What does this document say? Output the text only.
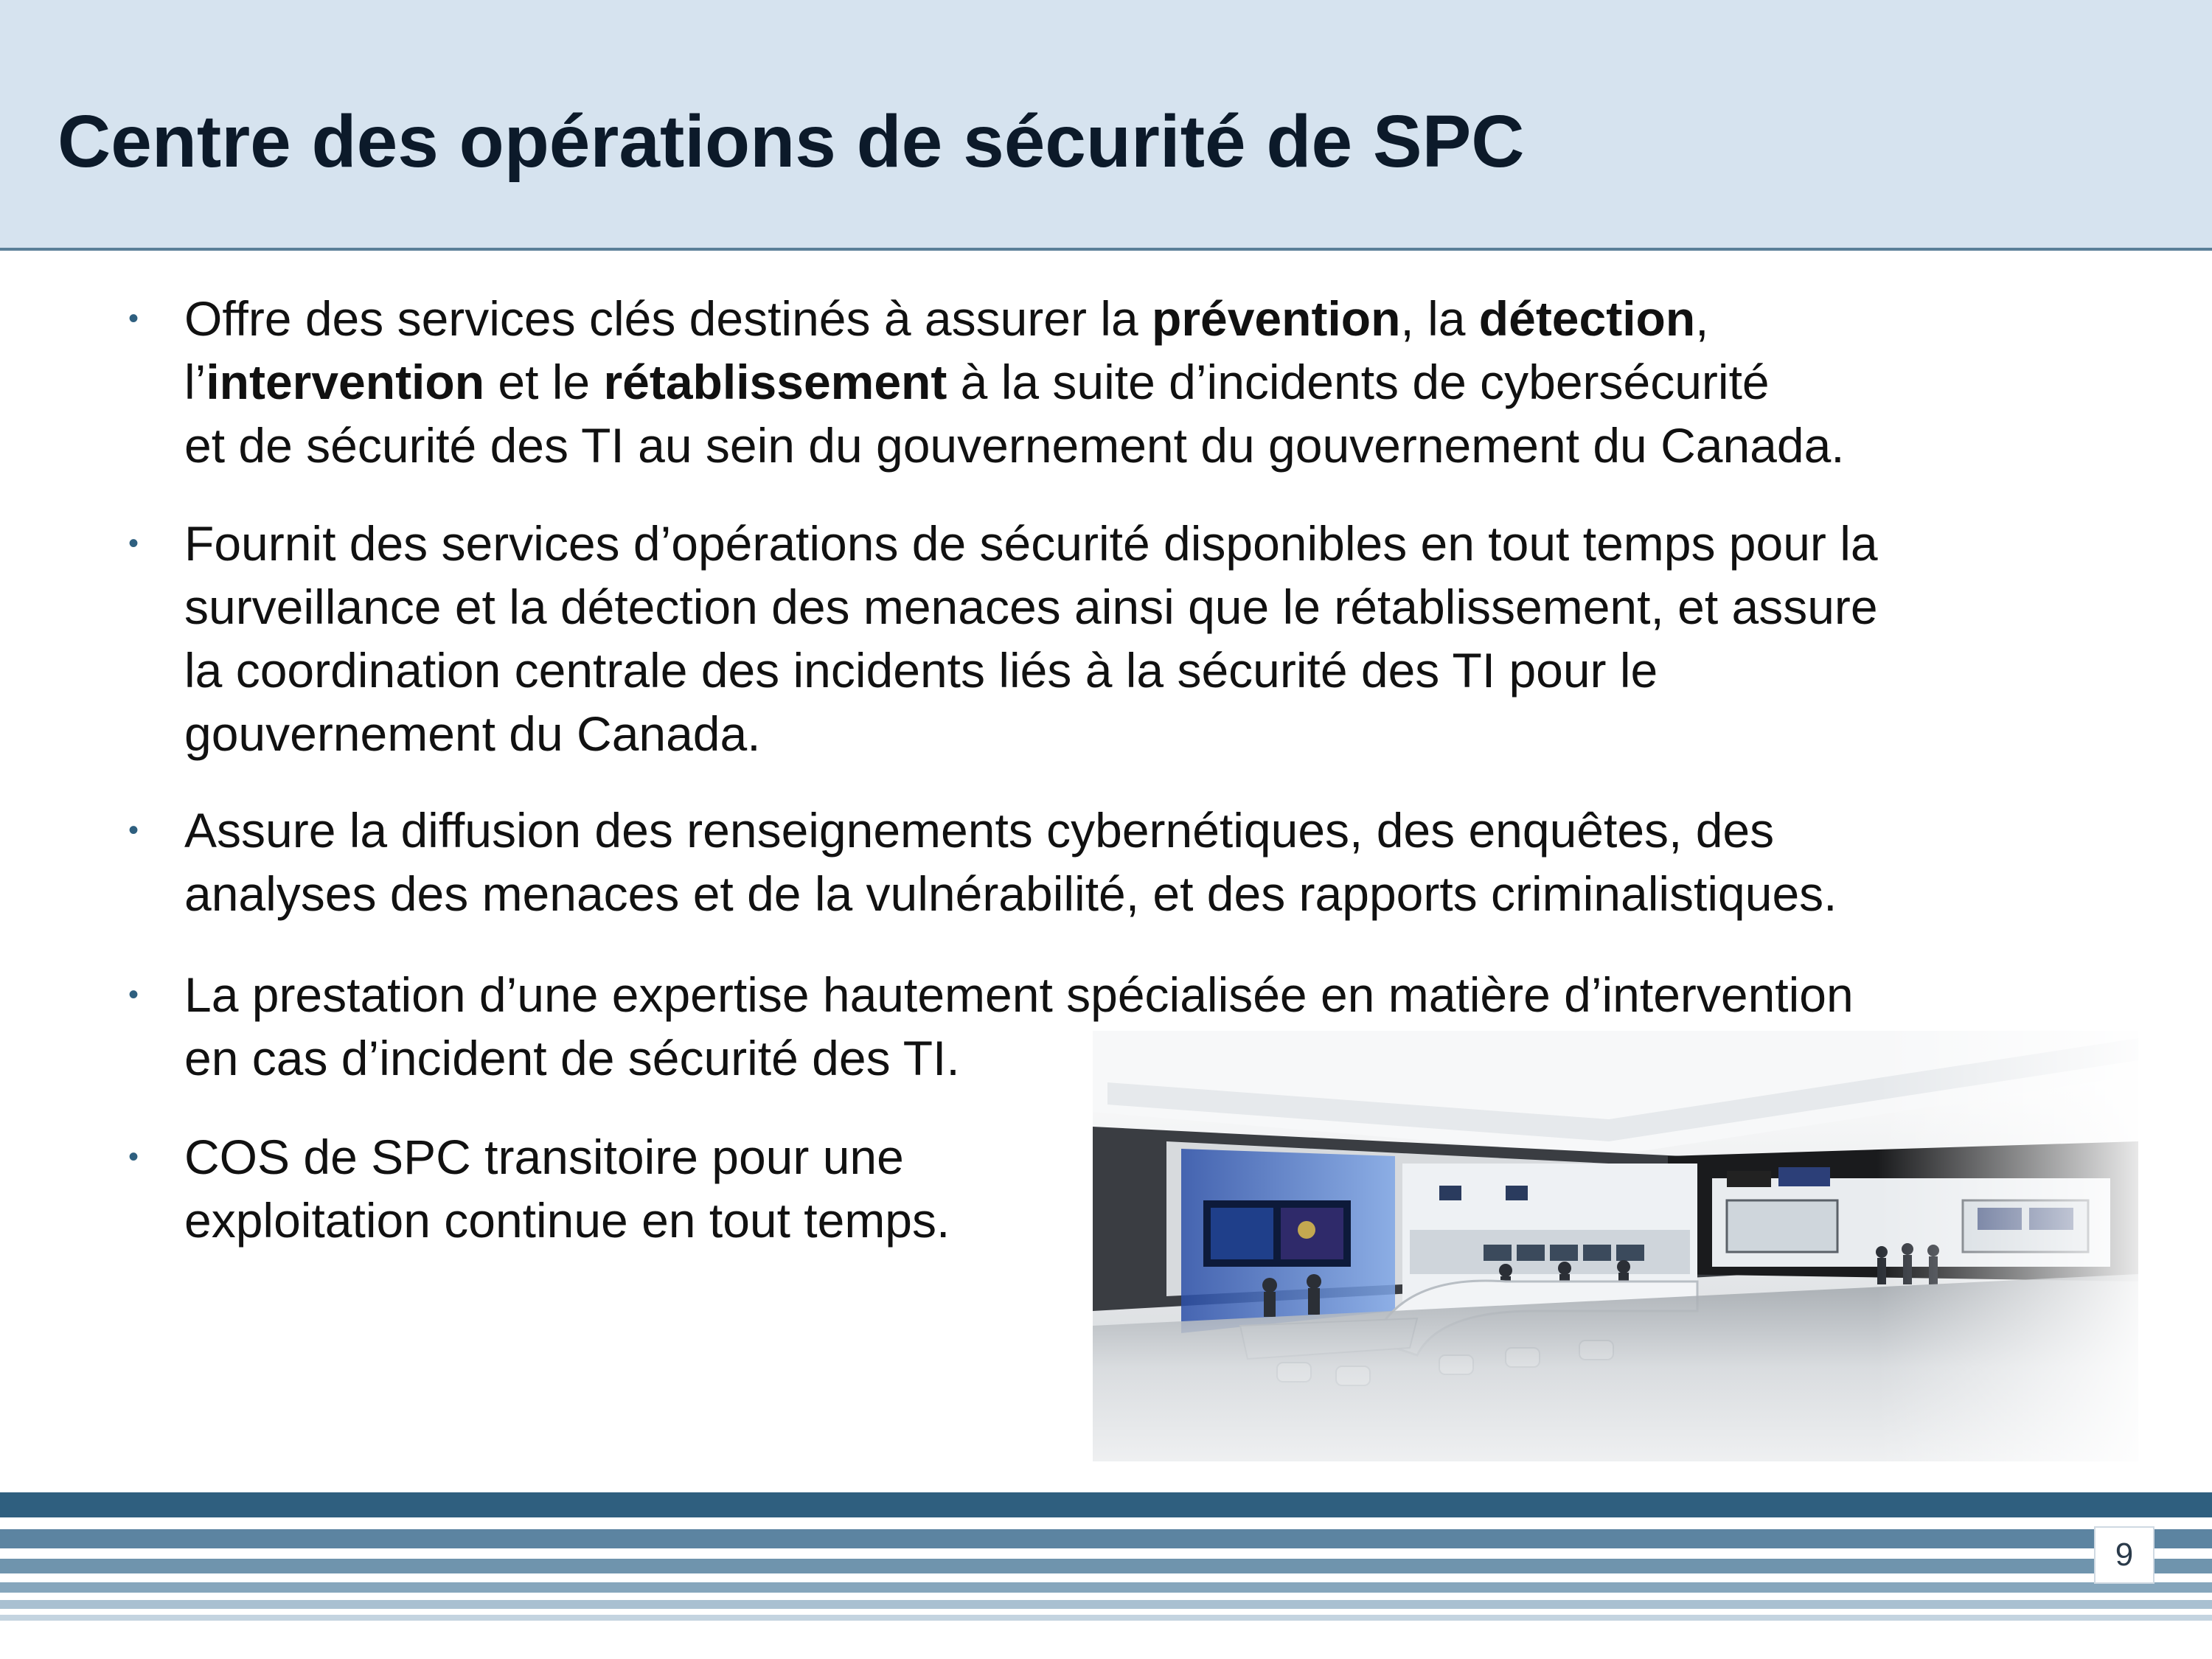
Centre des opérations de sécurité de SPC
• Offre des services clés destinés à assurer la prévention, la détection,
l’intervention et le rétablissement à la suite d’incidents de cybersécurité
et de sécurité des TI au sein du gouvernement du gouvernement du Canada.
• Fournit des services d’opérations de sécurité disponibles en tout temps pour la
surveillance et la détection des menaces ainsi que le rétablissement, et assure
la coordination centrale des incidents liés à la sécurité des TI pour le
gouvernement du Canada.
• Assure la diffusion des renseignements cybernétiques, des enquêtes, des
analyses des menaces et de la vulnérabilité, et des rapports criminalistiques.
• La prestation d’une expertise hautement spécialisée en matière d’intervention
en cas d’incident de sécurité des TI.
• COS de SPC transitoire pour une
exploitation continue en tout temps.
9
